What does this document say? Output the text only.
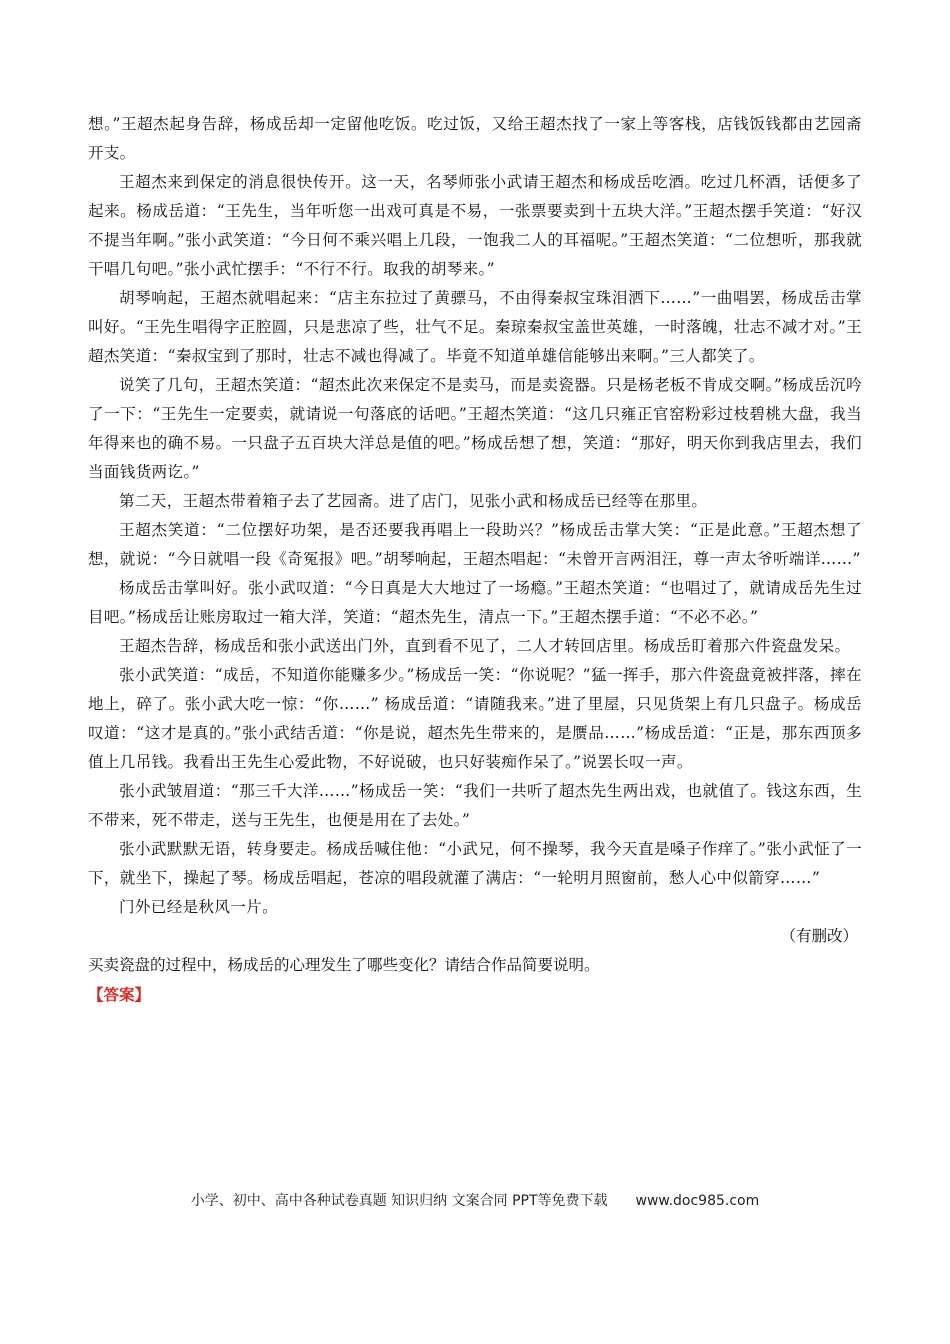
想。”王超杰起身告辞，杨成岳却一定留他吃饭。吃过饭，又给王超杰找了一家上等客栈，店钱饭钱都由艺园斋开支。

王超杰来到保定的消息很快传开。这一天，名琴师张小武请王超杰和杨成岳吃酒。吃过几杯酒，话便多了起来。杨成岳道：“王先生，当年听您一出戏可真是不易，一张票要卖到十五块大洋。”王超杰摆手笑道：“好汉不提当年啊。”张小武笑道：“今日何不乘兴唱上几段，一饱我二人的耳福呢。”王超杰笑道：“二位想听，那我就干唱几句吧。”张小武忙摆手：“不行不行。取我的胡琴来。”

胡琴响起，王超杰就唱起来：“店主东拉过了黄骠马，不由得秦叔宝珠泪洒下……”一曲唱罢，杨成岳击掌叫好。“王先生唱得字正腔圆，只是悲凉了些，壮气不足。秦琼秦叔宝盖世英雄，一时落魄，壮志不减才对。”王超杰笑道：“秦叔宝到了那时，壮志不减也得减了。毕竟不知道单雄信能够出来啊。”三人都笑了。

说笑了几句，王超杰笑道：“超杰此次来保定不是卖马，而是卖瓷器。只是杨老板不肯成交啊。”杨成岳沉吟了一下：“王先生一定要卖，就请说一句落底的话吧。”王超杰笑道：“这几只雍正官窑粉彩过枝碧桃大盘，我当年得来也的确不易。一只盘子五百块大洋总是值的吧。”杨成岳想了想，笑道：“那好，明天你到我店里去，我们当面钱货两讫。”

第二天，王超杰带着箱子去了艺园斋。进了店门，见张小武和杨成岳已经等在那里。

王超杰笑道：“二位摆好功架，是否还要我再唱上一段助兴？”杨成岳击掌大笑：“正是此意。”王超杰想了想，就说：“今日就唱一段《奇冤报》吧。”胡琴响起，王超杰唱起：“未曾开言两泪汪，尊一声太爷听端详……”

杨成岳击掌叫好。张小武叹道：“今日真是大大地过了一场瘾。”王超杰笑道：“也唱过了，就请成岳先生过目吧。”杨成岳让账房取过一箱大洋，笑道：“超杰先生，清点一下。”王超杰摆手道：“不必不必。”

王超杰告辞，杨成岳和张小武送出门外，直到看不见了，二人才转回店里。杨成岳盯着那六件瓷盘发呆。

张小武笑道：“成岳，不知道你能赚多少。”杨成岳一笑：“你说呢？”猛一挥手，那六件瓷盘竟被拌落，摔在地上，碎了。张小武大吃一惊：“你……” 杨成岳道：“请随我来。”进了里屋，只见货架上有几只盘子。杨成岳叹道：“这才是真的。”张小武结舌道：“你是说，超杰先生带来的，是赝品……”杨成岳道：“正是，那东西顶多值上几吊钱。我看出王先生心爱此物，不好说破，也只好装痴作呆了。”说罢长叹一声。

张小武皱眉道：“那三千大洋……”杨成岳一笑：“我们一共听了超杰先生两出戏，也就值了。钱这东西，生不带来，死不带走，送与王先生，也便是用在了去处。”

张小武默默无语，转身要走。杨成岳喊住他：“小武兄，何不操琴，我今天直是嗓子作痒了。”张小武怔了一下，就坐下，操起了琴。杨成岳唱起，苍凉的唱段就灌了满店：“一轮明月照窗前，愁人心中似箭穿……”

门外已经是秋风一片。

（有删改）

买卖瓷盘的过程中，杨成岳的心理发生了哪些变化？请结合作品简要说明。

【答案】

小学、初中、高中各种试卷真题 知识归纳 文案合同 PPT等免费下载 www.doc985.com
